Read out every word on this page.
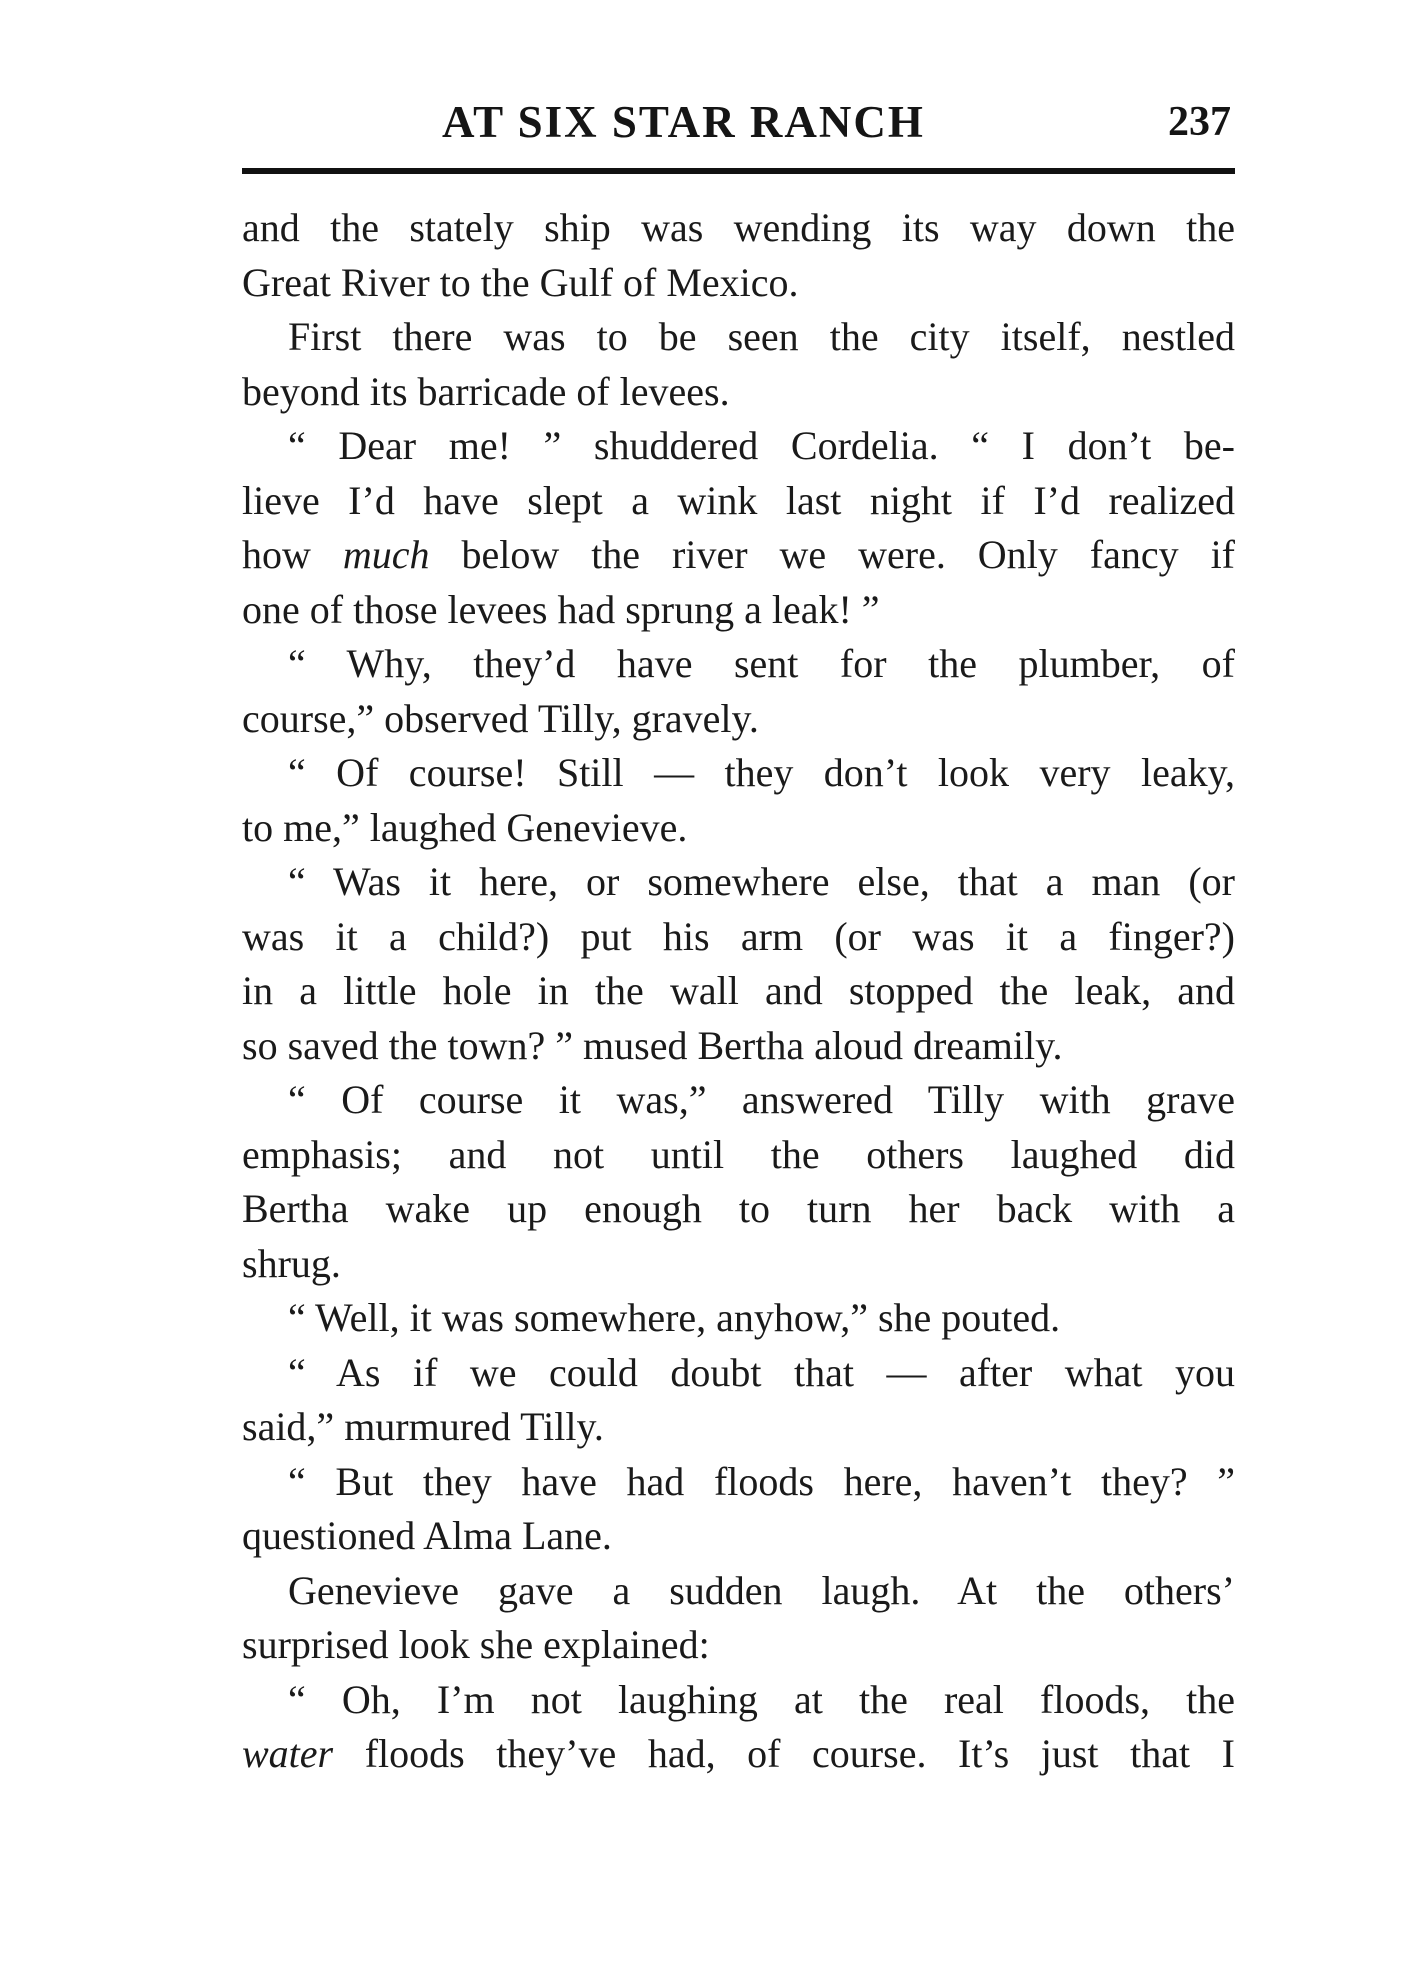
AT SIX STAR RANCH	237
and the stately ship was wending its way down the
Great River to the Gulf of Mexico.
First there was to be seen the city itself, nestled
beyond its barricade of levees.
“ Dear me! ” shuddered Cordelia. “ I don’t be-
lieve I’d have slept a wink last night if I’d realized
how much below the river we were. Only fancy if
one of those levees had sprung a leak! ”
“ Why, they’d have sent for the plumber, of
course,” observed Tilly, gravely.
“ Of course! Still — they don’t look very leaky,
to me,” laughed Genevieve.
“ Was it here, or somewhere else, that a man (or
was it a child?) put his arm (or was it a finger?)
in a little hole in the wall and stopped the leak, and
so saved the town? ” mused Bertha aloud dreamily.
“ Of course it was,” answered Tilly with grave
emphasis; and not until the others laughed did
Bertha wake up enough to turn her back with a
shrug.
“ Well, it was somewhere, anyhow,” she pouted.
“ As if we could doubt that — after what you
said,” murmured Tilly.
“ But they have had floods here, haven’t they? ”
questioned Alma Lane.
Genevieve gave a sudden laugh. At the others’
surprised look she explained:
“ Oh, I’m not laughing at the real floods, the
water floods they’ve had, of course. It’s just that I
